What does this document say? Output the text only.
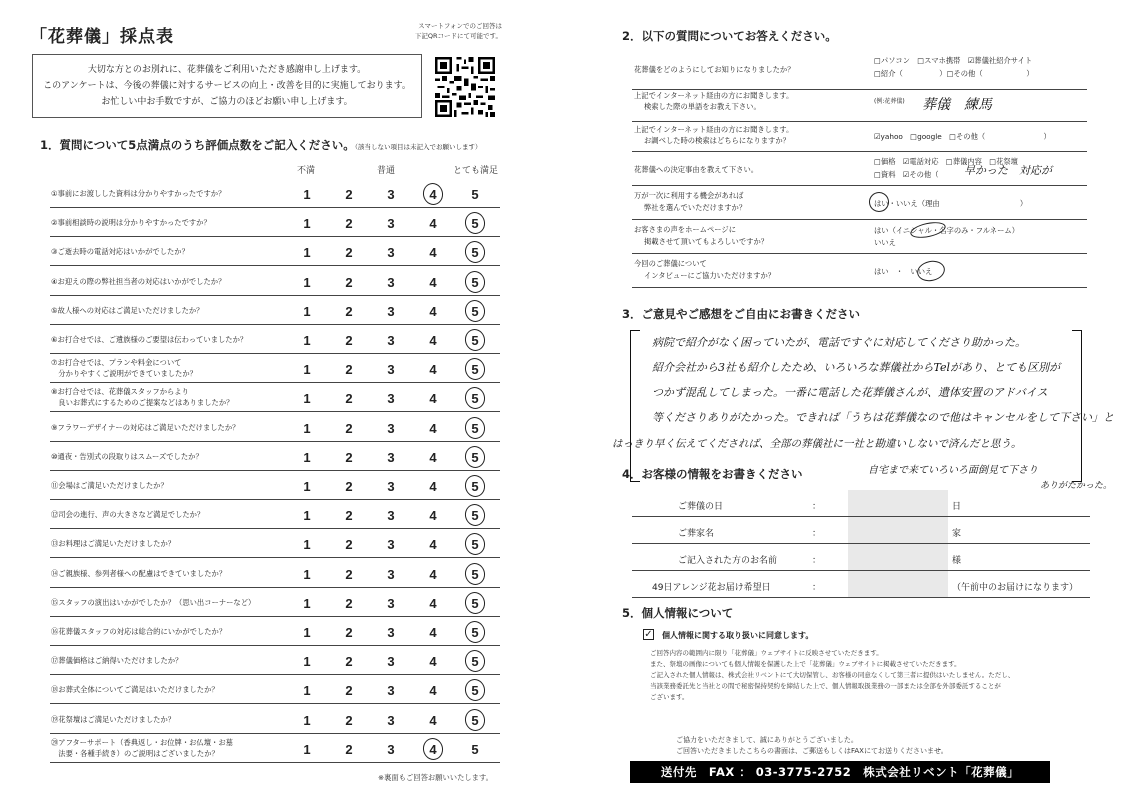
「花葬儀」採点表
スマートフォンでのご回答は
下記QRコードにて可能です。
大切な方とのお別れに、花葬儀をご利用いただき感謝申し上げます。
このアンケートは、今後の葬儀に対するサービスの向上・改善を目的に実施しております。
お忙しい中お手数ですが、ご協力のほどお願い申し上げます。
1．質問について5点満点のうち評価点数をご記入ください。（該当しない項目は未記入でお願いします）
不満	普通	とても満足
①事前にお渡しした資料は分かりやすかったですか？	1	2	3	4	5
②事前相談時の説明は分かりやすかったですか？	1	2	3	4	5
③ご逝去時の電話対応はいかがでしたか？	1	2	3	4	5
④お迎えの際の弊社担当者の対応はいかがでしたか？	1	2	3	4	5
⑤故人様への対応はご満足いただけましたか？	1	2	3	4	5
⑥お打合せでは、ご遺族様のご要望は伝わっていましたか？	1	2	3	4	5
⑦お打合せでは、プランや料金について
　分かりやすくご説明ができていましたか？	1	2	3	4	5
⑧お打合せでは、花葬儀スタッフからより
　良いお葬式にするためのご提案などはありましたか？	1	2	3	4	5
⑨フラワーデザイナーの対応はご満足いただけましたか？	1	2	3	4	5
⑩通夜・告別式の段取りはスムーズでしたか？	1	2	3	4	5
⑪会場はご満足いただけましたか？	1	2	3	4	5
⑫司会の進行、声の大きさなど満足でしたか？	1	2	3	4	5
⑬お料理はご満足いただけましたか？	1	2	3	4	5
⑭ご親族様、参列者様への配慮はできていましたか？	1	2	3	4	5
⑮スタッフの演出はいかがでしたか？（思い出コーナーなど）	1	2	3	4	5
⑯花葬儀スタッフの対応は総合的にいかがでしたか？	1	2	3	4	5
⑰葬儀価格はご納得いただけましたか？	1	2	3	4	5
⑱お葬式全体についてご満足はいただけましたか？	1	2	3	4	5
⑲花祭壇はご満足いただけましたか？	1	2	3	4	5
⑳アフターサポート（香典返し・お位牌・お仏壇・お墓
　法要・各種手続き）のご説明はございましたか？	1	2	3	4	5
※裏面もご回答お願いいたします。
2．以下の質問についてお答えください。
花葬儀をどのようにしてお知りになりましたか？
□パソコン　□スマホ携帯　☑葬儀社紹介サイト
□紹介（　　　　　）□その他（　　　　　　）
上記でインターネット経由の方にお聞きします。
検索した際の単語をお教え下さい。
(例:花葬儀) 葬儀　練馬
上記でインターネット経由の方にお聞きします。
お調べした時の検索はどちらになりますか？	☑yahoo　□google　□その他（　　　　　　　　）
花葬儀への決定事由を教えて下さい。
□価格　☑電話対応　□葬儀内容　□花祭壇
□資料　☑その他（ 早かった　対応が
万が一次に利用する機会があれば
弊社を選んでいただけますか？	はい・いいえ（理由　　　　　　　　　　　）
お客さまの声をホームページに
掲載させて頂いてもよろしいですか？
はい（イニシャル・名字のみ・フルネーム）
いいえ
今回のご葬儀について
インタビューにご協力いただけますか？	はい　・　いいえ
3．ご意見やご感想をご自由にお書きください
病院で紹介がなく困っていたが、電話ですぐに対応してくださり助かった。
紹介会社から3社も紹介したため、いろいろな葬儀社からTelがあり、とても区別が
つかず混乱してしまった。一番に電話した花葬儀さんが、遺体安置のアドバイス
等くださりありがたかった。できれば「うちは花葬儀なので他はキャンセルをして下さい」と
はっきり早く伝えてくだされば、全部の葬儀社に一社と勘違いしないで済んだと思う。
自宅まで来ていろいろ面倒見て下さり
ありがたかった。
4．お客様の情報をお書きください
ご葬儀の日	：	日
ご葬家名	：	家
ご記入された方のお名前	：	様
49日アレンジ花お届け希望日	：	（午前中のお届けになります）
5．個人情報について
✓ 個人情報に関する取り扱いに同意します。
ご回答内容の範囲内に限り「花葬儀」ウェブサイトに反映させていただきます。
また、祭壇の画像についても個人情報を保護した上で「花葬儀」ウェブサイトに掲載させていただきます。
ご記入された個人情報は、株式会社リベントにて大切保管し、お客様の同意なくして第三者に提供はいたしません。ただし、
当該業務委託先と当社との間で秘密保持契約を締結した上で、個人情報取扱業務の一部または全部を外部委託することが
ございます。
ご協力をいただきまして、誠にありがとうございました。
ご回答いただきましたこちらの書面は、ご郵送もしくはFAXにてお送りくださいませ。
送付先　FAX ： 03-3775-2752　株式会社リベント「花葬儀」
